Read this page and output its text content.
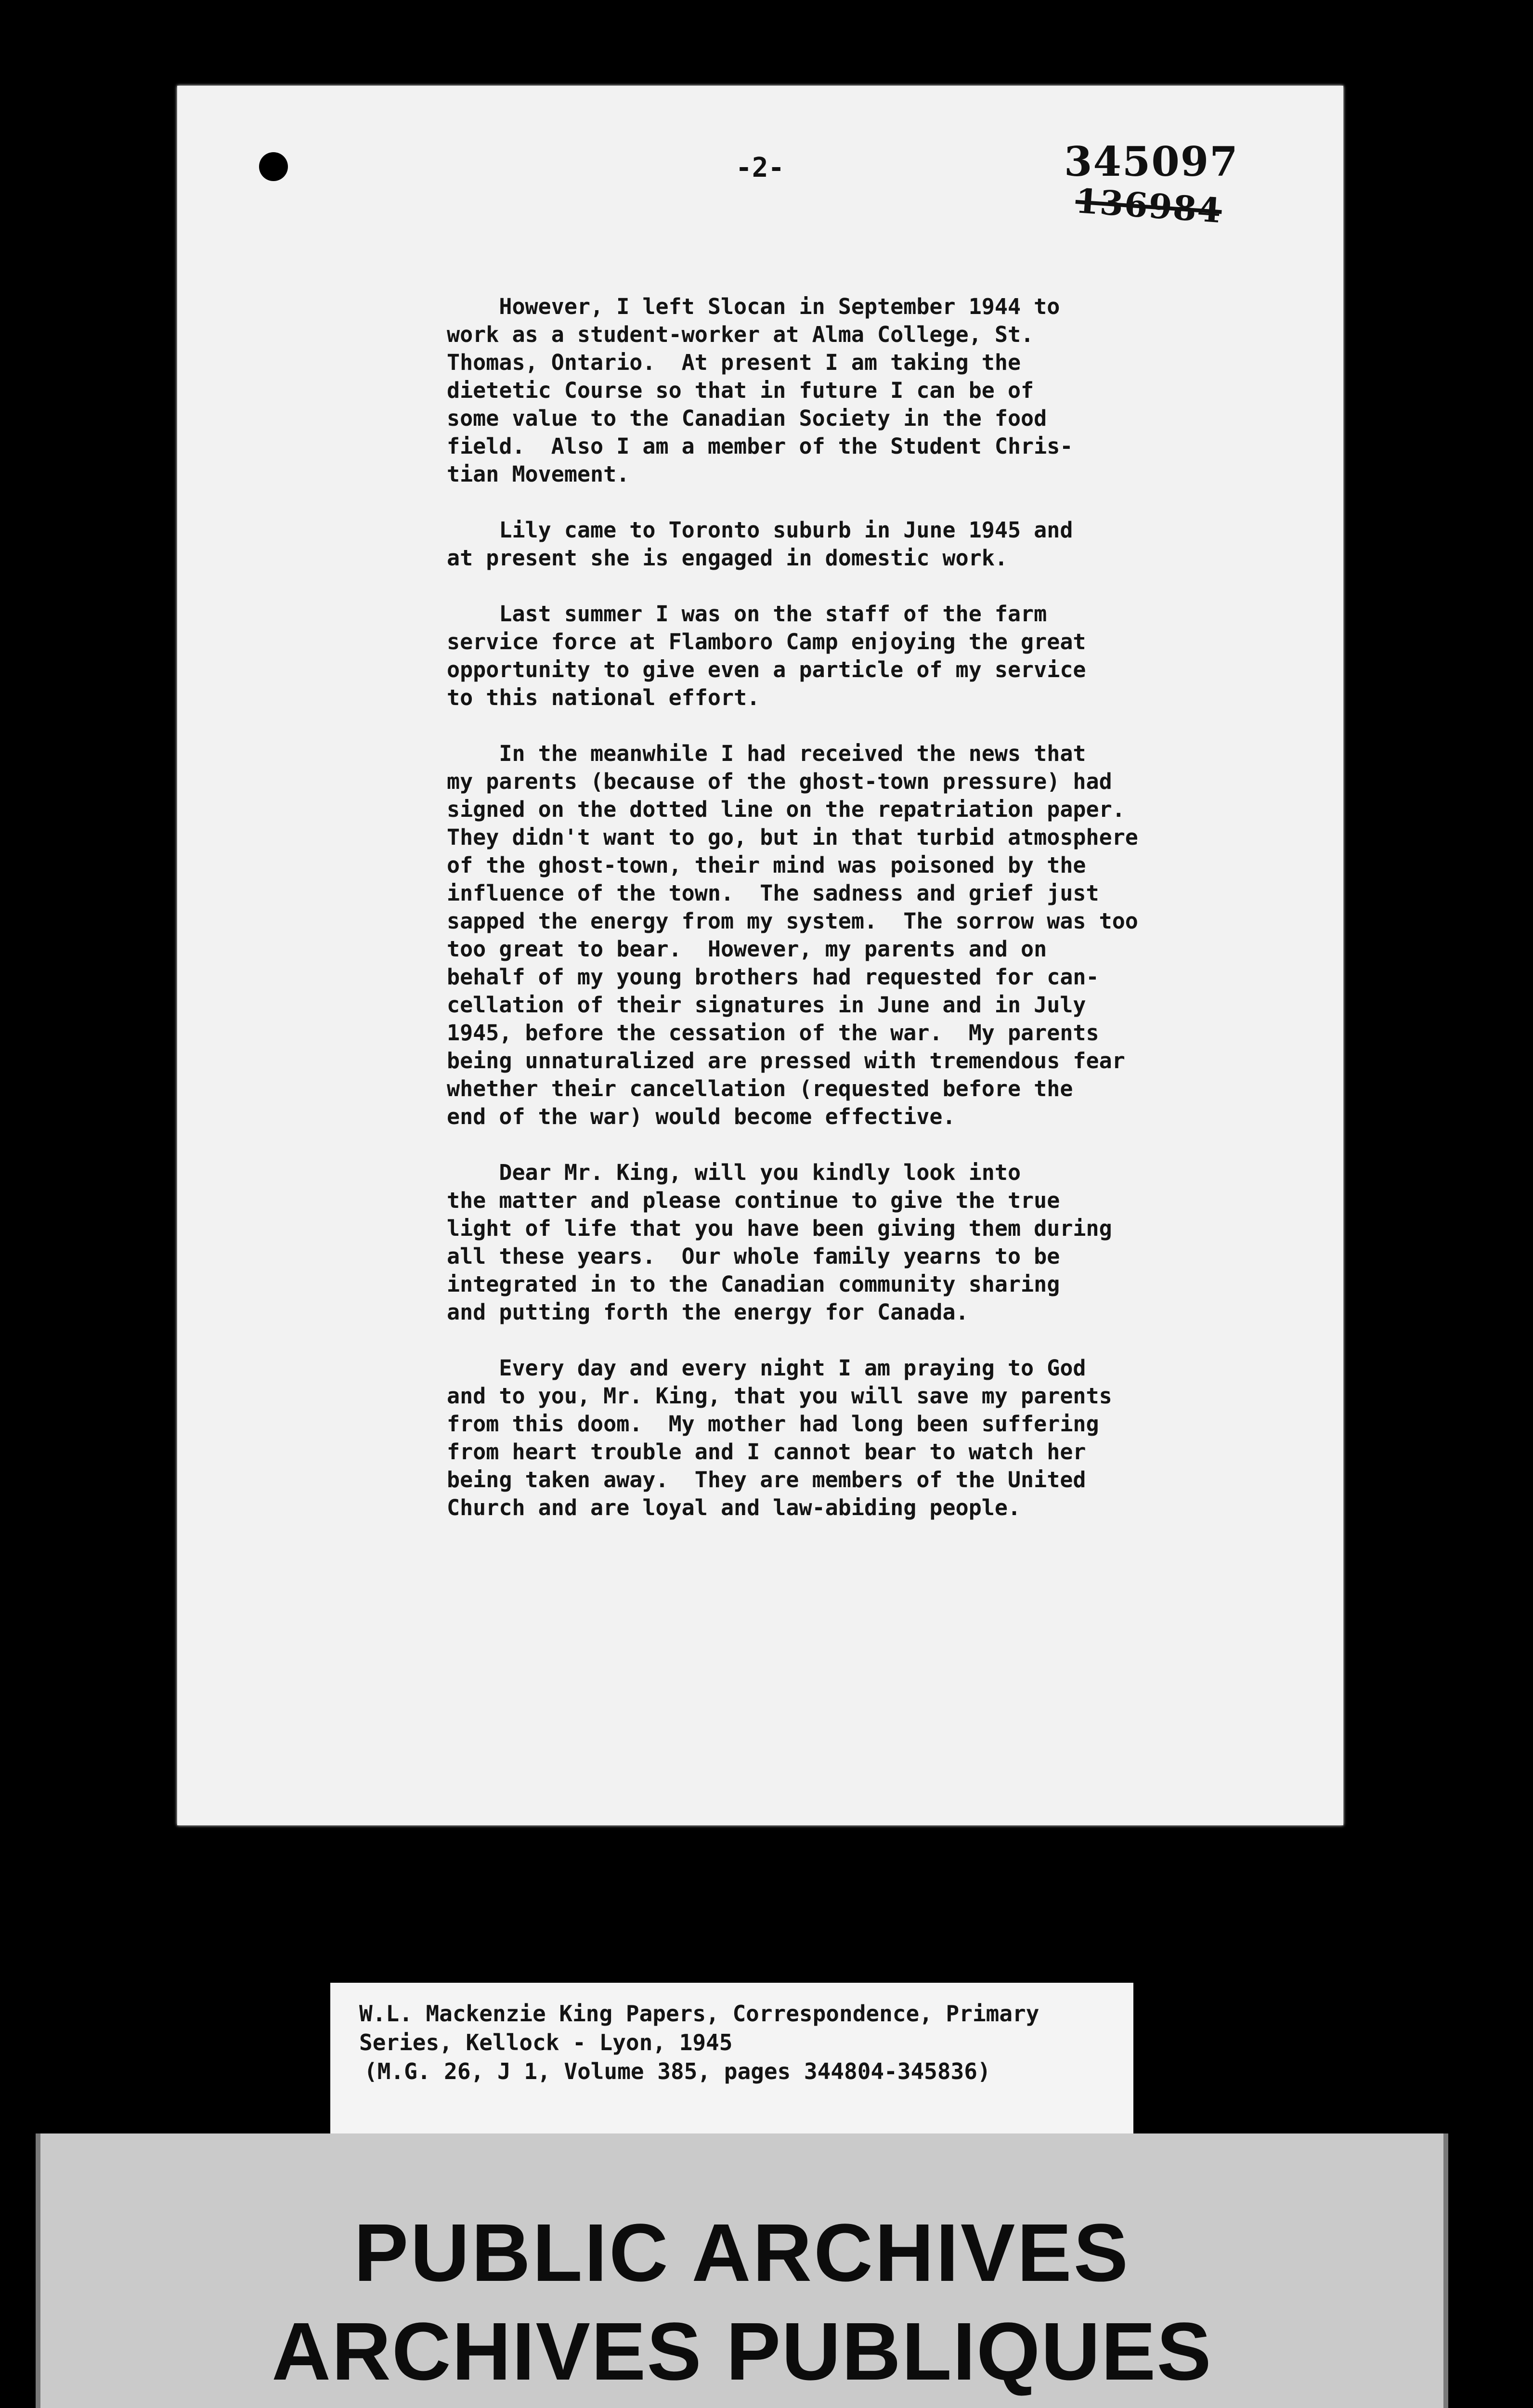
-2-	345097
136984

However, I left Slocan in September 1944 to
work as a student-worker at Alma College, St.
Thomas, Ontario.  At present I am taking the
dietetic Course so that in future I can be of
some value to the Canadian Society in the food
field.  Also I am a member of the Student Chris-
tian Movement.

Lily came to Toronto suburb in June 1945 and
at present she is engaged in domestic work.

Last summer I was on the staff of the farm
service force at Flamboro Camp enjoying the great
opportunity to give even a particle of my service
to this national effort.

In the meanwhile I had received the news that
my parents (because of the ghost-town pressure) had
signed on the dotted line on the repatriation paper.
They didn't want to go, but in that turbid atmosphere
of the ghost-town, their mind was poisoned by the
influence of the town.  The sadness and grief just
sapped the energy from my system.  The sorrow was too
too great to bear.  However, my parents and on
behalf of my young brothers had requested for can-
cellation of their signatures in June and in July
1945, before the cessation of the war.  My parents
being unnaturalized are pressed with tremendous fear
whether their cancellation (requested before the
end of the war) would become effective.

Dear Mr. King, will you kindly look into
the matter and please continue to give the true
light of life that you have been giving them during
all these years.  Our whole family yearns to be
integrated in to the Canadian community sharing
and putting forth the energy for Canada.

Every day and every night I am praying to God
and to you, Mr. King, that you will save my parents
from this doom.  My mother had long been suffering
from heart trouble and I cannot bear to watch her
being taken away.  They are members of the United
Church and are loyal and law-abiding people.

W.L. Mackenzie King Papers, Correspondence, Primary
Series, Kellock - Lyon, 1945
(M.G. 26, J 1, Volume 385, pages 344804-345836)
PUBLIC ARCHIVES
ARCHIVES PUBLIQUES
